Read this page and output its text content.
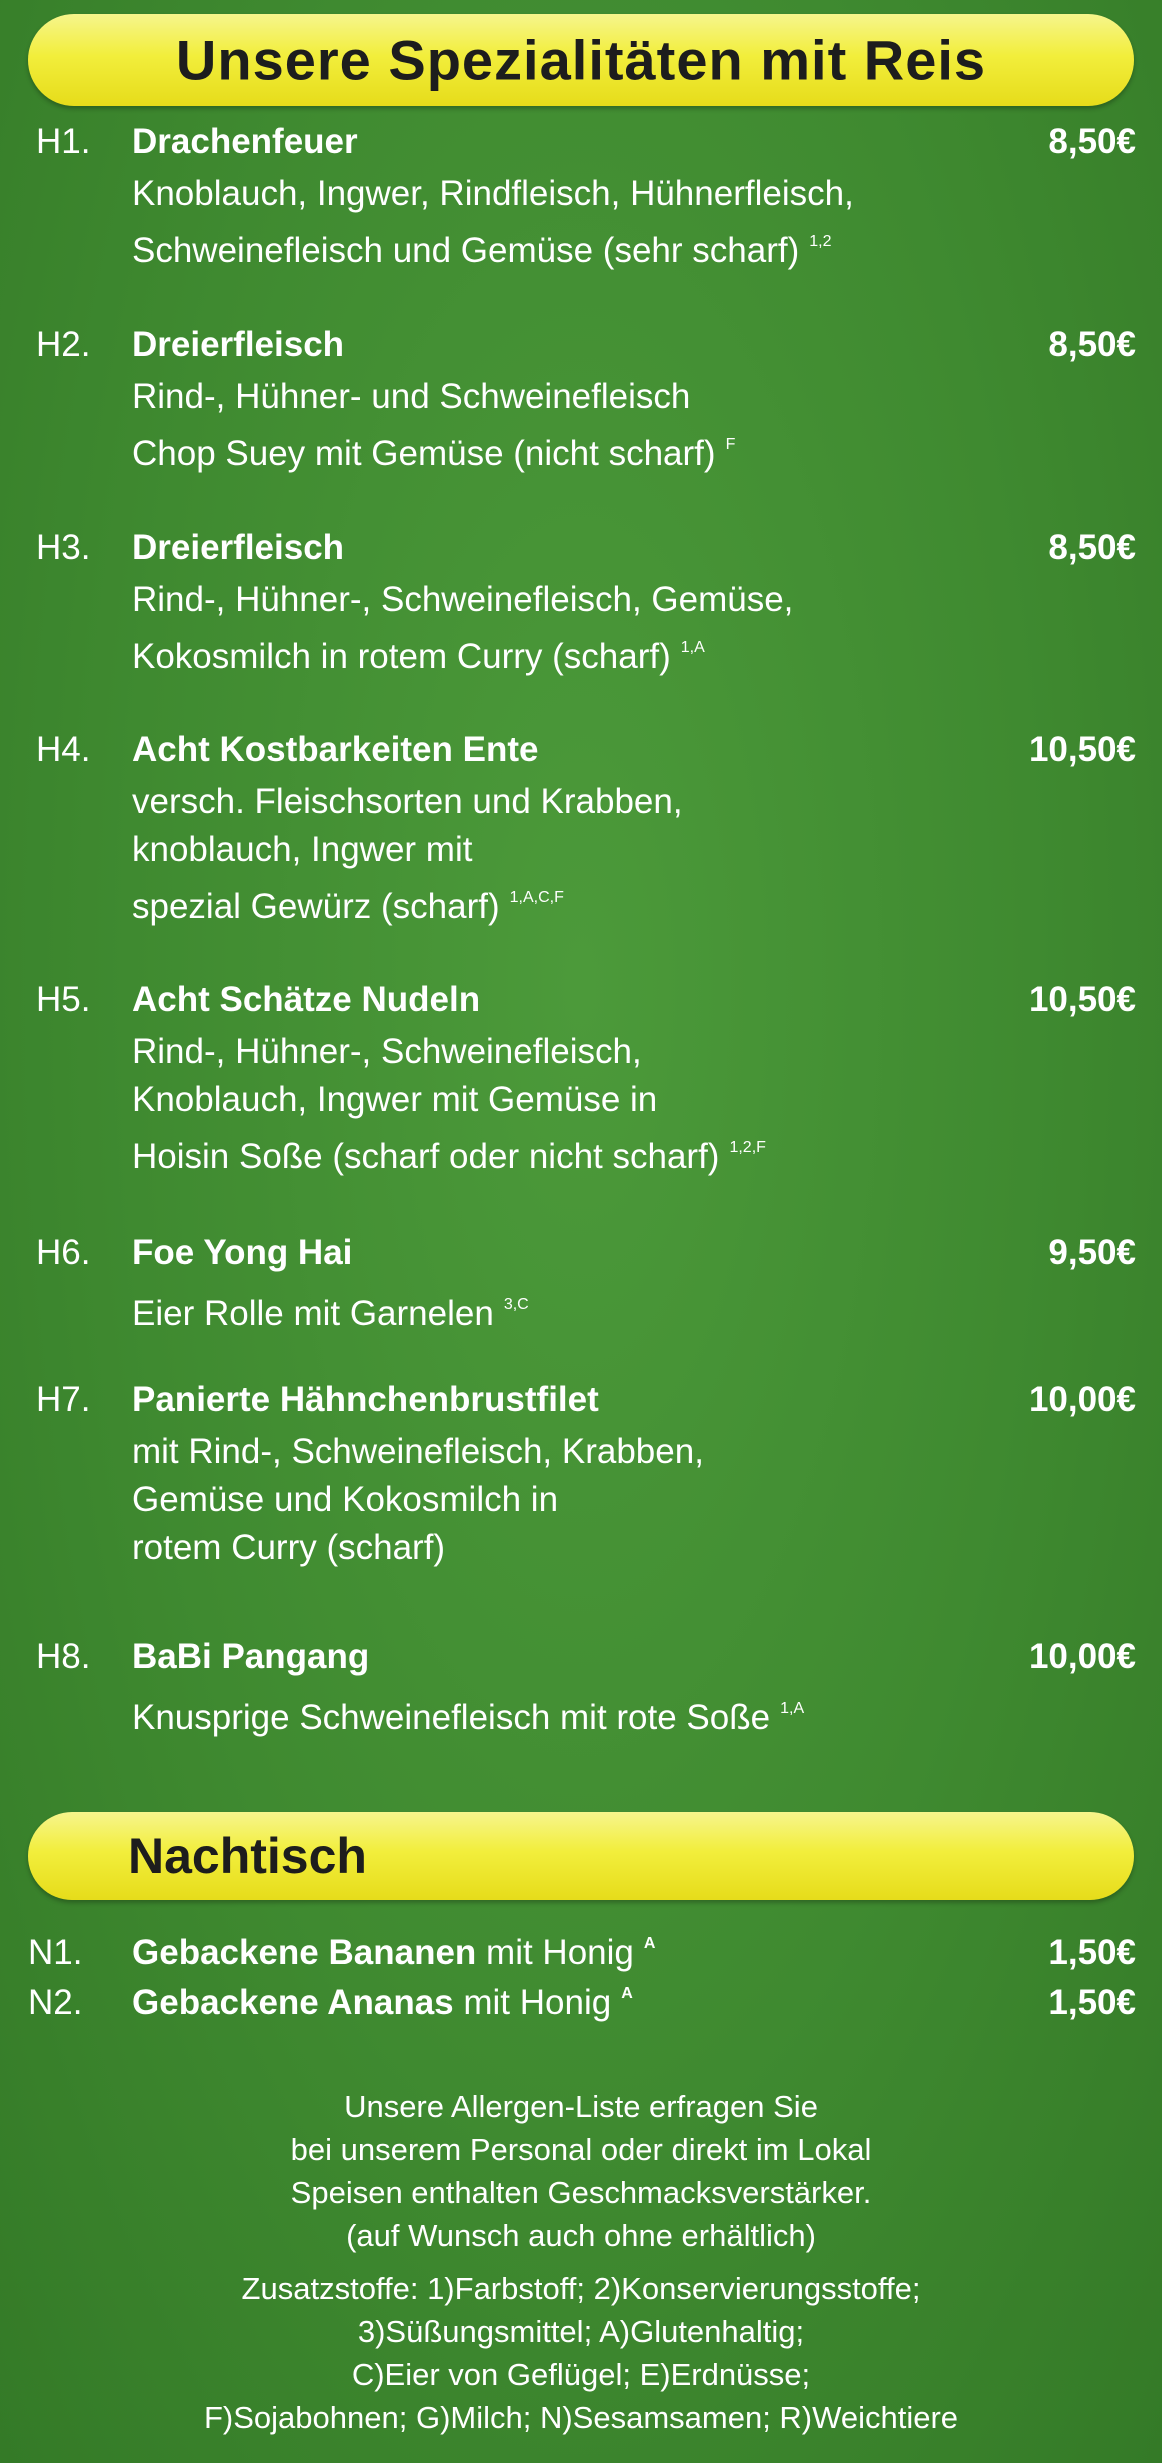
Unsere Spezialitäten mit Reis
H1. Drachenfeuer	8,50€
Knoblauch, Ingwer, Rindfleisch, Hühnerfleisch,
Schweinefleisch und Gemüse (sehr scharf) $^{1,2}$
H2. Dreierfleisch	8,50€
Rind-, Hühner- und Schweinefleisch
Chop Suey mit Gemüse (nicht scharf) $^F$
H3. Dreierfleisch	8,50€
Rind-, Hühner-, Schweinefleisch, Gemüse,
Kokosmilch in rotem Curry (scharf) $^{1,A}$
H4. Acht Kostbarkeiten Ente	10,50€
versch. Fleischsorten und Krabben,
knoblauch, Ingwer mit
spezial Gewürz (scharf) $^{1,A,C,F}$
H5. Acht Schätze Nudeln	10,50€
Rind-, Hühner-, Schweinefleisch,
Knoblauch, Ingwer mit Gemüse in
Hoisin Soße (scharf oder nicht scharf) $^{1,2,F}$
H6. Foe Yong Hai	9,50€
Eier Rolle mit Garnelen $^{3,C}$
H7. Panierte Hähnchenbrustfilet	10,00€
mit Rind-, Schweinefleisch, Krabben,
Gemüse und Kokosmilch in
rotem Curry (scharf)
H8. BaBi Pangang	10,00€
Knusprige Schweinefleisch mit rote Soße $^{1,A}$
Nachtisch
N1. Gebackene Bananen mit Honig $^A$	1,50€
N2. Gebackene Ananas mit Honig $^A$	1,50€
Unsere Allergen-Liste erfragen Sie
bei unserem Personal oder direkt im Lokal
Speisen enthalten Geschmacksverstärker.
(auf Wunsch auch ohne erhältlich)
Zusatzstoffe: 1)Farbstoff; 2)Konservierungsstoffe;
3)Süßungsmittel; A)Glutenhaltig;
C)Eier von Geflügel; E)Erdnüsse;
F)Sojabohnen; G)Milch; N)Sesamsamen; R)Weichtiere
